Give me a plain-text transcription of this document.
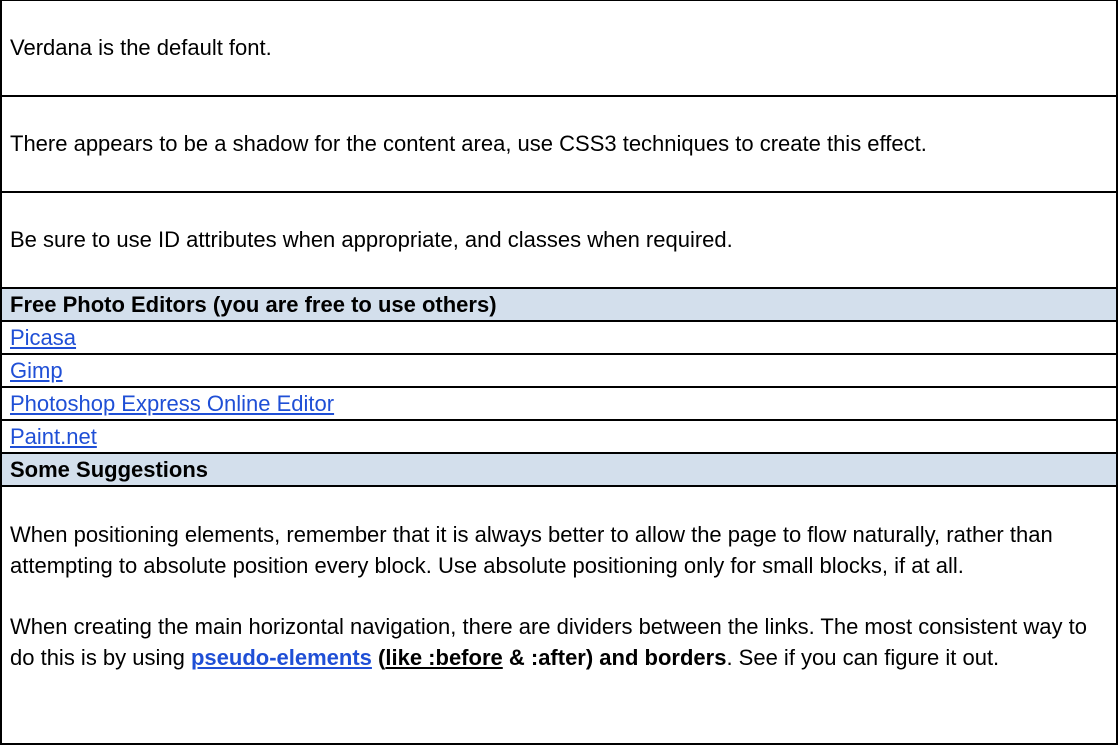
Verdana is the default font.
There appears to be a shadow for the content area, use CSS3 techniques to create this effect.
Be sure to use ID attributes when appropriate, and classes when required.
Free Photo Editors (you are free to use others)
Picasa
Gimp
Photoshop Express Online Editor
Paint.net
Some Suggestions

When positioning elements, remember that it is always better to allow the page to flow naturally, rather than attempting to absolute position every block. Use absolute positioning only for small blocks, if at all.

When creating the main horizontal navigation, there are dividers between the links. The most consistent way to do this is by using pseudo-elements (like :before & :after) and borders. See if you can figure it out.
